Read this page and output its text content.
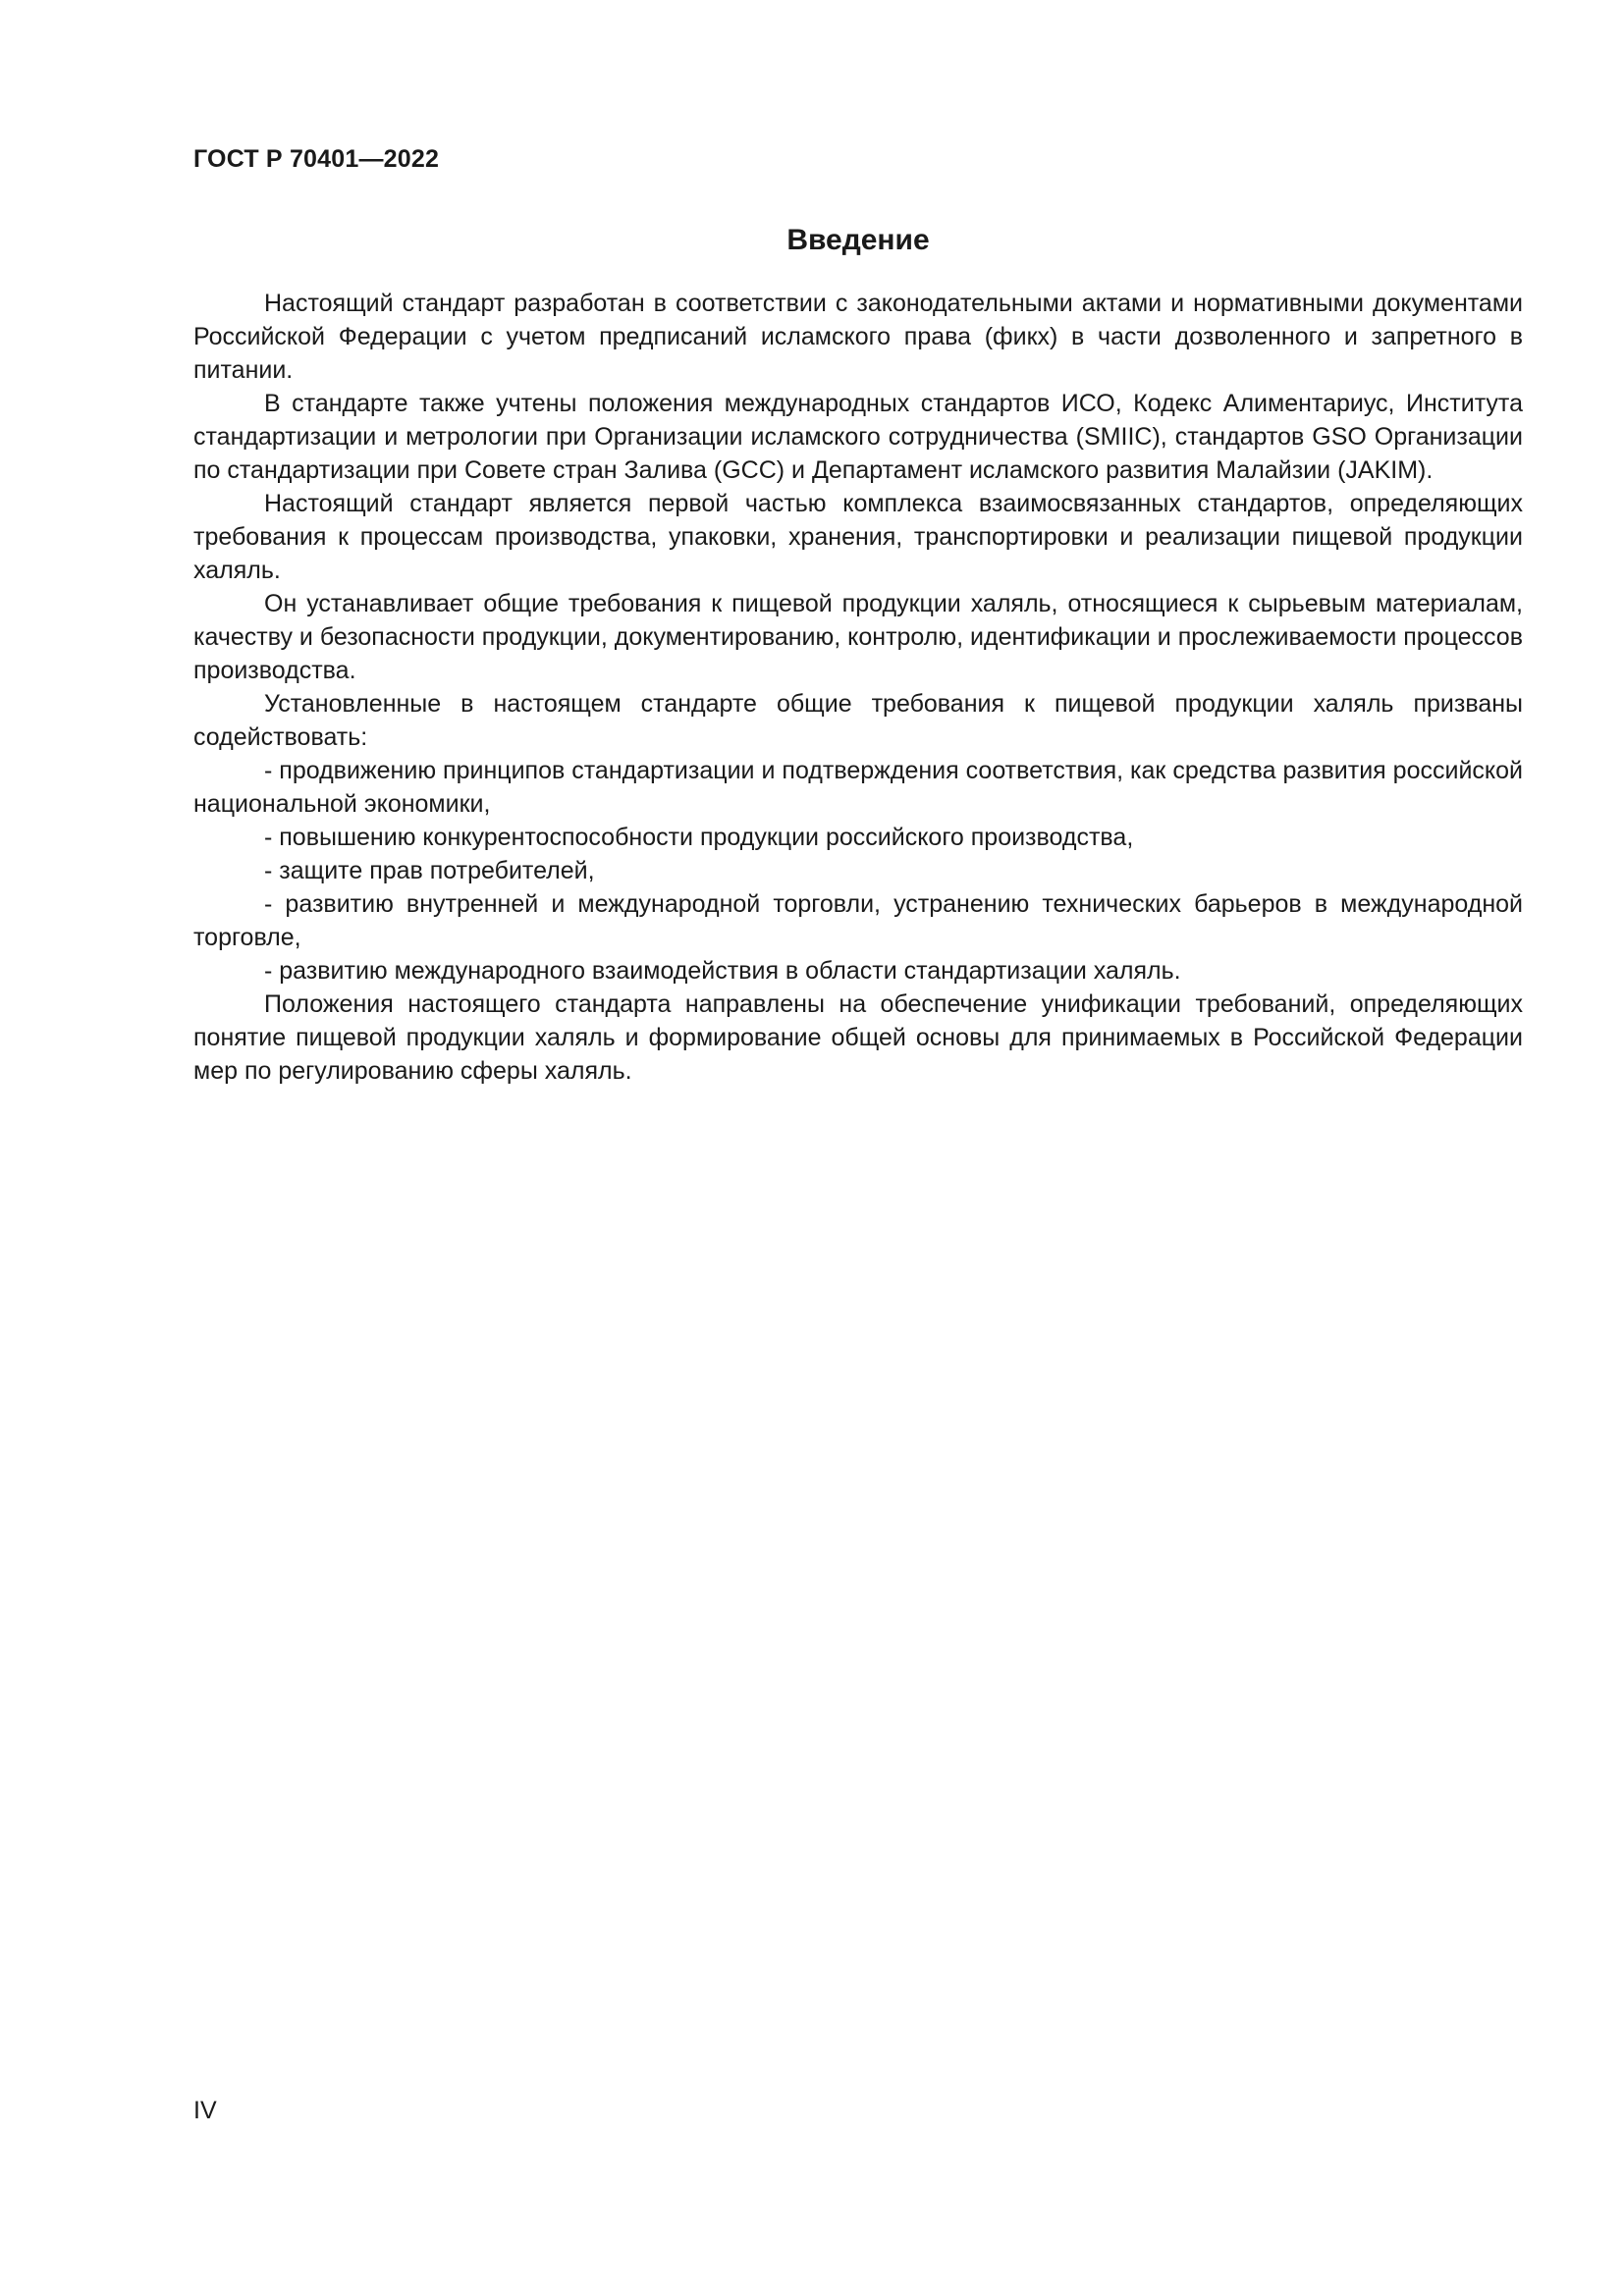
ГОСТ Р 70401—2022
Введение

Настоящий стандарт разработан в соответствии с законодательными актами и нормативными документами Российской Федерации с учетом предписаний исламского права (фикх) в части дозволенного и запретного в питании.

В стандарте также учтены положения международных стандартов ИСО, Кодекс Алиментариус, Института стандартизации и метрологии при Организации исламского сотрудничества (SMIIC), стандартов GSO Организации по стандартизации при Совете стран Залива (GCC) и Департамент исламского развития Малайзии (JAKIM).

Настоящий стандарт является первой частью комплекса взаимосвязанных стандартов, определяющих требования к процессам производства, упаковки, хранения, транспортировки и реализации пищевой продукции халяль.

Он устанавливает общие требования к пищевой продукции халяль, относящиеся к сырьевым материалам, качеству и безопасности продукции, документированию, контролю, идентификации и прослеживаемости процессов производства.

Установленные в настоящем стандарте общие требования к пищевой продукции халяль призваны содействовать:

- продвижению принципов стандартизации и подтверждения соответствия, как средства развития российской национальной экономики,

- повышению конкурентоспособности продукции российского производства,

- защите прав потребителей,

- развитию внутренней и международной торговли, устранению технических барьеров в международной торговле,

- развитию международного взаимодействия в области стандартизации халяль.

Положения настоящего стандарта направлены на обеспечение унификации требований, определяющих понятие пищевой продукции халяль и формирование общей основы для принимаемых в Российской Федерации мер по регулированию сферы халяль.

IV
